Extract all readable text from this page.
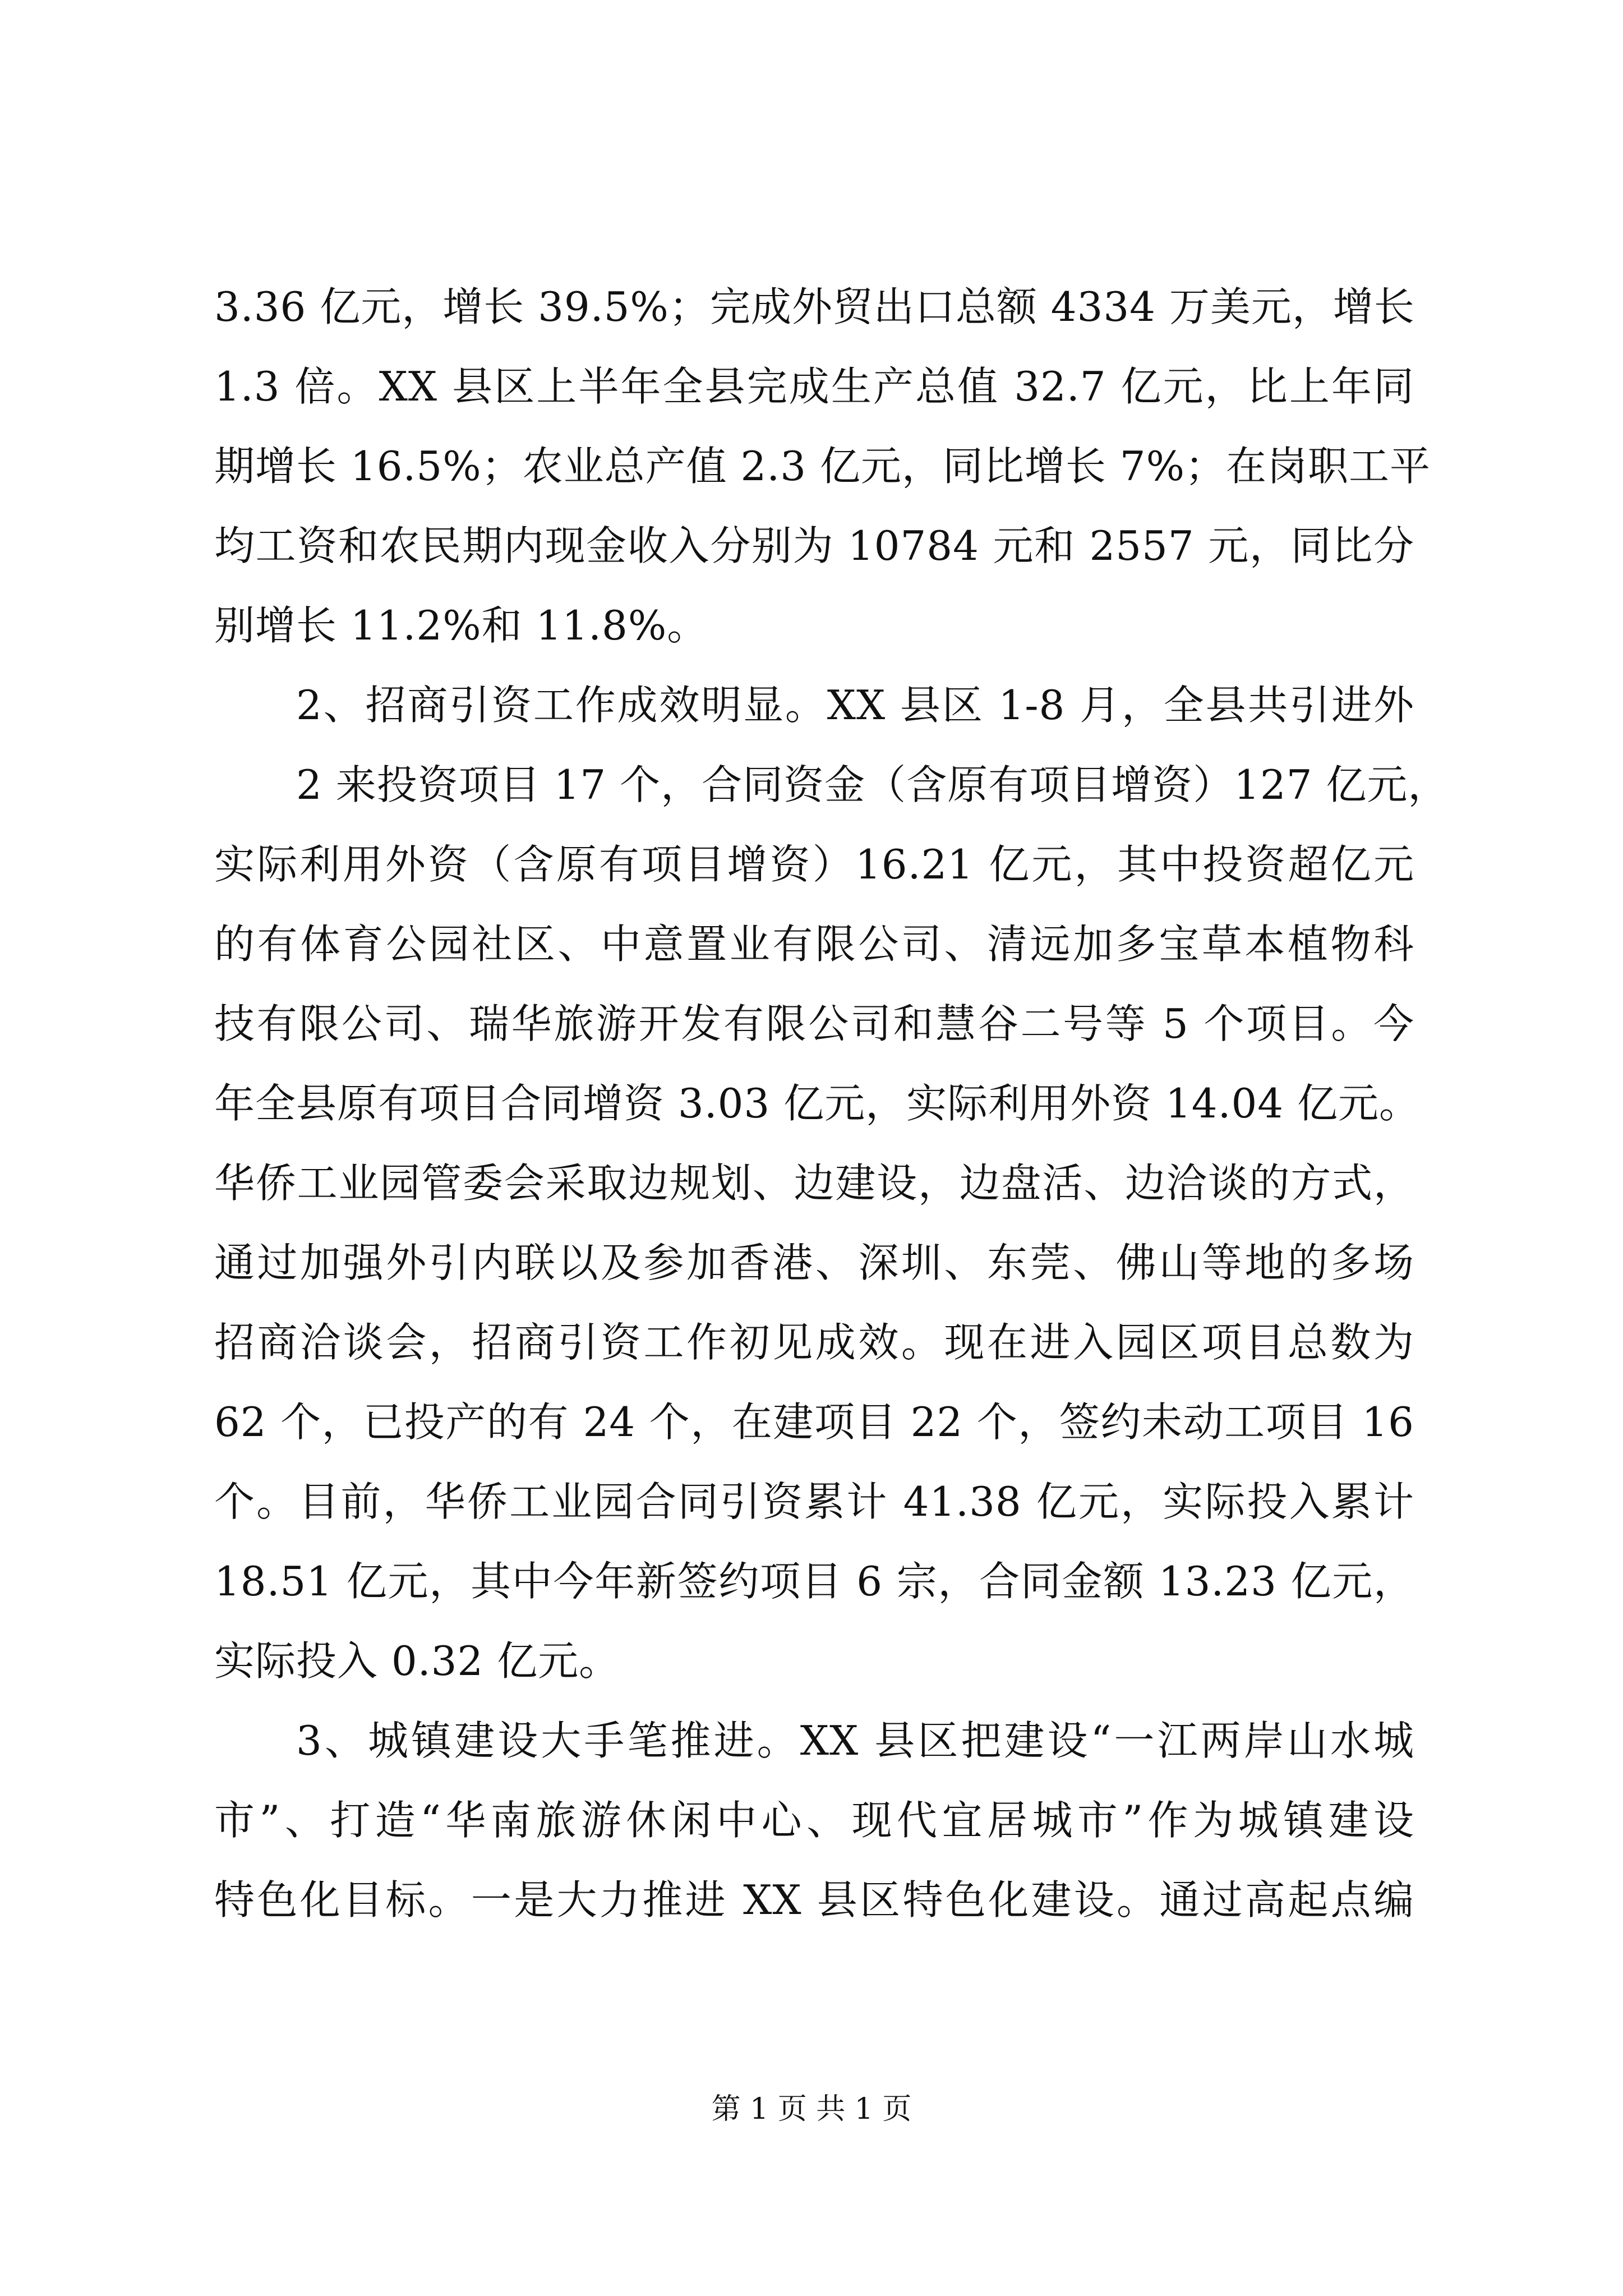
3.36 亿元，增长 39.5%；完成外贸出口总额 4334 万美元，增长
1.3 倍。XX 县区上半年全县完成生产总值 32.7 亿元，比上年同
期增长 16.5%；农业总产值 2.3 亿元，同比增长 7%；在岗职工平
均工资和农民期内现金收入分别为 10784 元和 2557 元，同比分
别增长 11.2%和 11.8%。
2、招商引资工作成效明显。XX 县区 1-8 月，全县共引进外
2 来投资项目 17 个，合同资金（含原有项目增资）127 亿元，
实际利用外资（含原有项目增资）16.21 亿元，其中投资超亿元
的有体育公园社区、中意置业有限公司、清远加多宝草本植物科
技有限公司、瑞华旅游开发有限公司和慧谷二号等 5 个项目。今
年全县原有项目合同增资 3.03 亿元，实际利用外资 14.04 亿元。
华侨工业园管委会采取边规划、边建设，边盘活、边洽谈的方式，
通过加强外引内联以及参加香港、深圳、东莞、佛山等地的多场
招商洽谈会，招商引资工作初见成效。现在进入园区项目总数为
62 个，已投产的有 24 个，在建项目 22 个，签约未动工项目 16
个。目前，华侨工业园合同引资累计 41.38 亿元，实际投入累计
18.51 亿元，其中今年新签约项目 6 宗，合同金额 13.23 亿元，
实际投入 0.32 亿元。
3、城镇建设大手笔推进。XX 县区把建设“一江两岸山水城
市”、打造“华南旅游休闲中心、现代宜居城市”作为城镇建设
特色化目标。一是大力推进 XX 县区特色化建设。通过高起点编
第 1 页 共 1 页
